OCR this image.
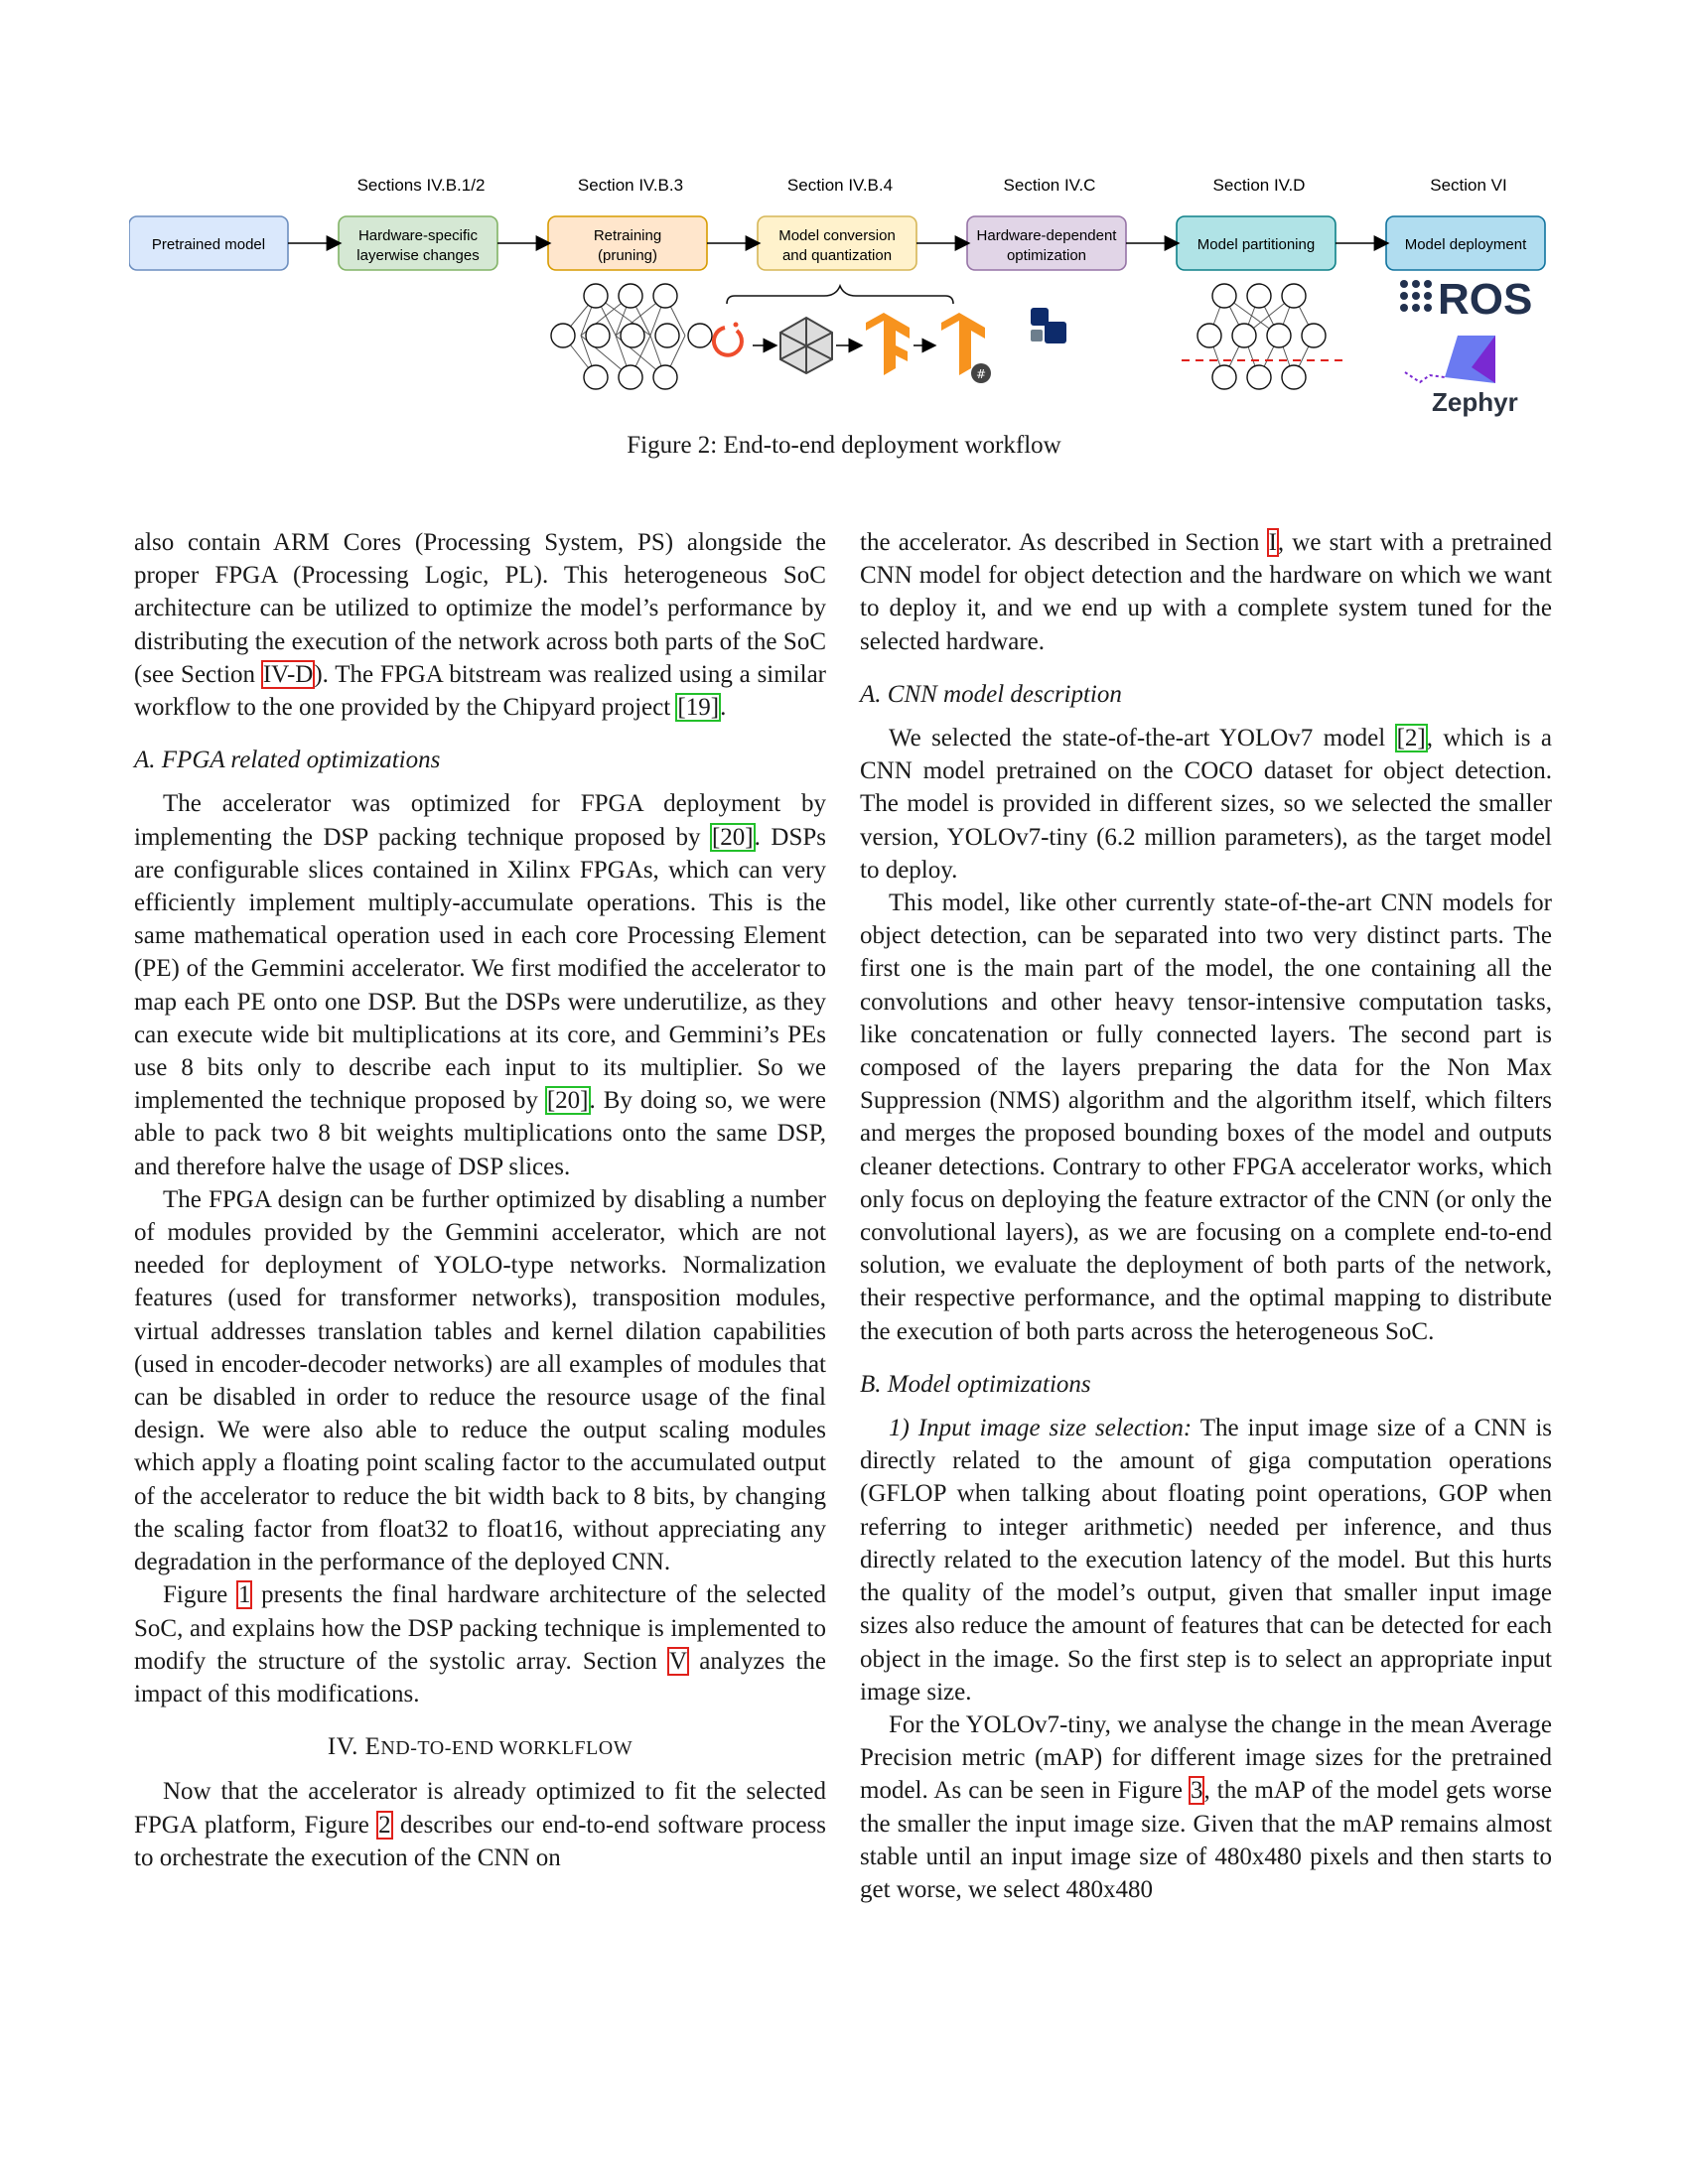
Sections IV.B.1/2	Section IV.B.3	Section IV.B.4	Section IV.C	Section IV.D	Section VI
Pretrained model
Hardware-specific
layerwise changes
Retraining
(pruning)
Model conversion
and quantization
Hardware-dependent
optimization
Model partitioning	Model deployment
#
ROS
Zephyr
Figure 2: End-to-end deployment workflow

also contain ARM Cores (Processing System, PS) alongside the proper FPGA (Processing Logic, PL). This heterogeneous SoC architecture can be utilized to optimize the model’s performance by distributing the execution of the network across both parts of the SoC (see Section IV-D). The FPGA bitstream was realized using a similar workflow to the one provided by the Chipyard project [19].

A. FPGA related optimizations

The accelerator was optimized for FPGA deployment by implementing the DSP packing technique proposed by [20]. DSPs are configurable slices contained in Xilinx FPGAs, which can very efficiently implement multiply-accumulate operations. This is the same mathematical operation used in each core Processing Element (PE) of the Gemmini accelerator. We first modified the accelerator to map each PE onto one DSP. But the DSPs were underutilize, as they can execute wide bit multiplications at its core, and Gemmini’s PEs use 8 bits only to describe each input to its multiplier. So we implemented the technique proposed by [20]. By doing so, we were able to pack two 8 bit weights multiplications onto the same DSP, and therefore halve the usage of DSP slices.

The FPGA design can be further optimized by disabling a number of modules provided by the Gemmini accelerator, which are not needed for deployment of YOLO-type networks. Normalization features (used for transformer networks), transposition modules, virtual addresses translation tables and kernel dilation capabilities (used in encoder-decoder networks) are all examples of modules that can be disabled in order to reduce the resource usage of the final design. We were also able to reduce the output scaling modules which apply a floating point scaling factor to the accumulated output of the accelerator to reduce the bit width back to 8 bits, by changing the scaling factor from float32 to float16, without appreciating any degradation in the performance of the deployed CNN.

Figure 1 presents the final hardware architecture of the selected SoC, and explains how the DSP packing technique is implemented to modify the structure of the systolic array. Section V analyzes the impact of this modifications.

IV. END-TO-END WORKLFLOW

Now that the accelerator is already optimized to fit the selected FPGA platform, Figure 2 describes our end-to-end software process to orchestrate the execution of the CNN on

the accelerator. As described in Section I, we start with a pretrained CNN model for object detection and the hardware on which we want to deploy it, and we end up with a complete system tuned for the selected hardware.

A. CNN model description

We selected the state-of-the-art YOLOv7 model [2], which is a CNN model pretrained on the COCO dataset for object detection. The model is provided in different sizes, so we selected the smaller version, YOLOv7-tiny (6.2 million parameters), as the target model to deploy.

This model, like other currently state-of-the-art CNN models for object detection, can be separated into two very distinct parts. The first one is the main part of the model, the one containing all the convolutions and other heavy tensor-intensive computation tasks, like concatenation or fully connected layers. The second part is composed of the layers preparing the data for the Non Max Suppression (NMS) algorithm and the algorithm itself, which filters and merges the proposed bounding boxes of the model and outputs cleaner detections. Contrary to other FPGA accelerator works, which only focus on deploying the feature extractor of the CNN (or only the convolutional layers), as we are focusing on a complete end-to-end solution, we evaluate the deployment of both parts of the network, their respective performance, and the optimal mapping to distribute the execution of both parts across the heterogeneous SoC.

B. Model optimizations

1) Input image size selection: The input image size of a CNN is directly related to the amount of giga computation operations (GFLOP when talking about floating point operations, GOP when referring to integer arithmetic) needed per inference, and thus directly related to the execution latency of the model. But this hurts the quality of the model’s output, given that smaller input image sizes also reduce the amount of features that can be detected for each object in the image. So the first step is to select an appropriate input image size.

For the YOLOv7-tiny, we analyse the change in the mean Average Precision metric (mAP) for different image sizes for the pretrained model. As can be seen in Figure 3, the mAP of the model gets worse the smaller the input image size. Given that the mAP remains almost stable until an input image size of 480x480 pixels and then starts to get worse, we select 480x480
